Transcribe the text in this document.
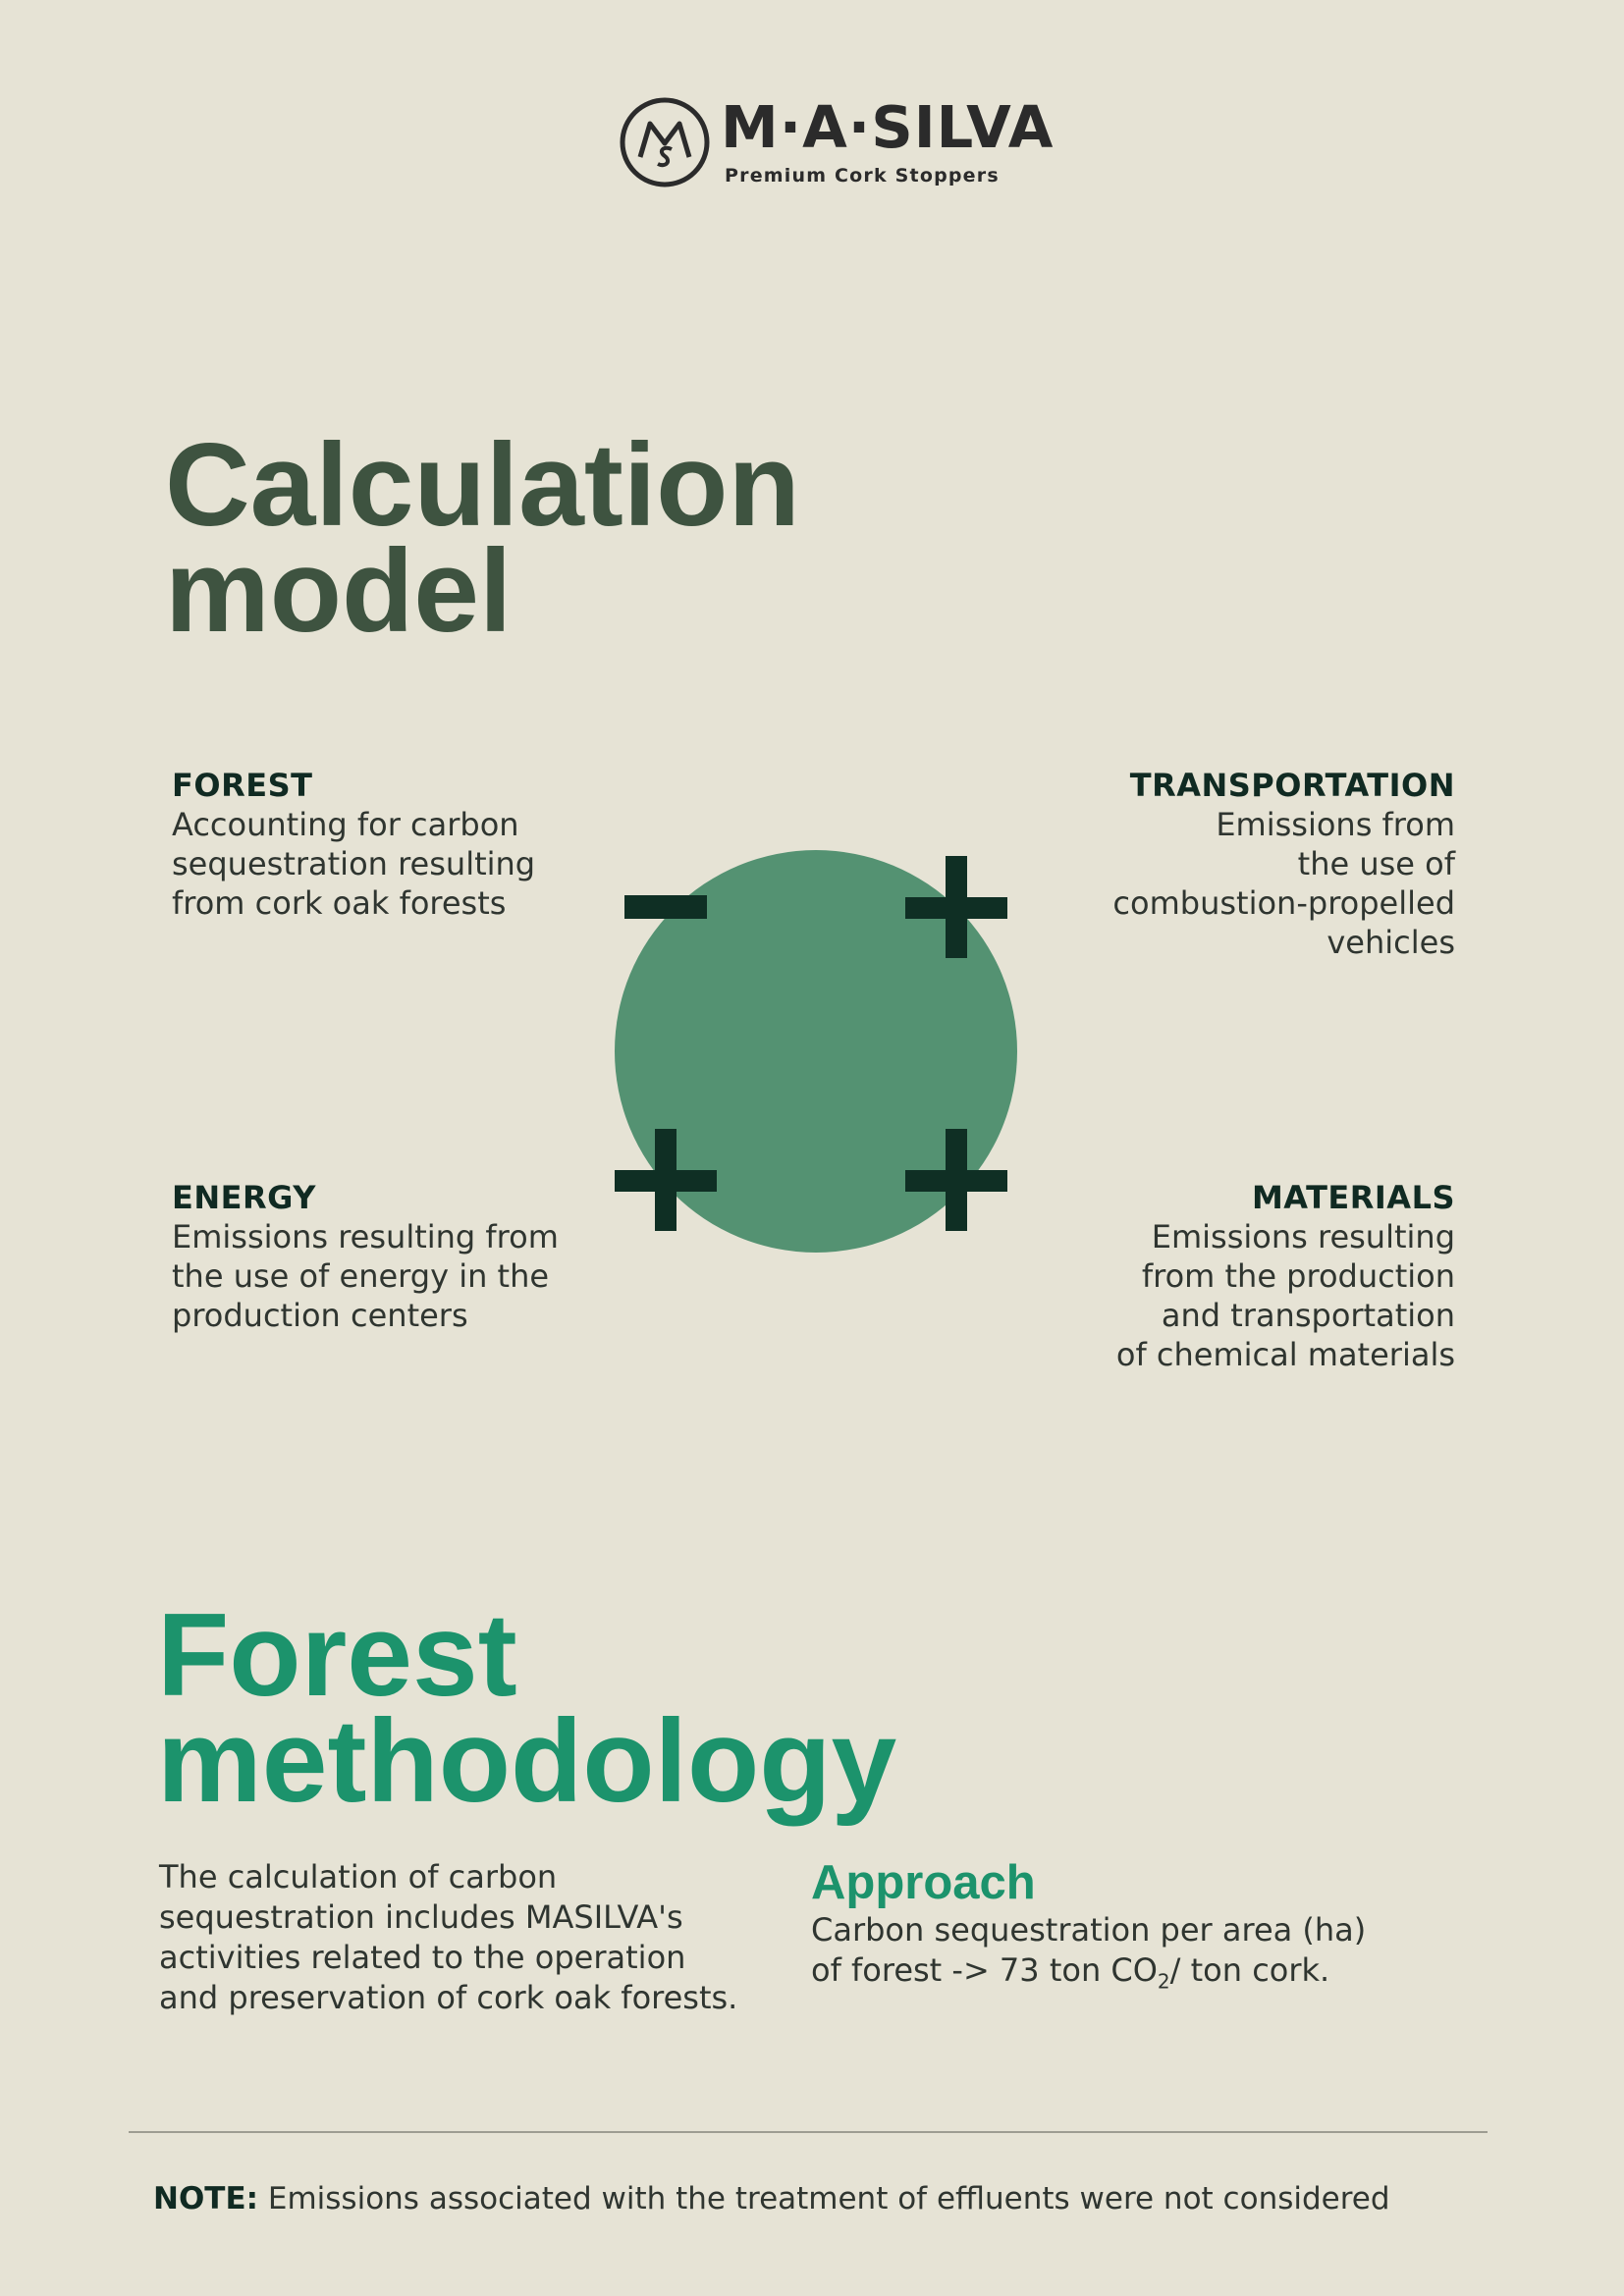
M·A·SILVA
Premium Cork Stoppers
Calculation
model
FOREST
Accounting for carbon
sequestration resulting
from cork oak forests
TRANSPORTATION
Emissions from
the use of
combustion-propelled
vehicles
ENERGY
Emissions resulting from
the use of energy in the
production centers
MATERIALS
Emissions resulting
from the production
and transportation
of chemical materials
Forest
methodology
The calculation of carbon
sequestration includes MASILVA's
activities related to the operation
and preservation of cork oak forests.
Approach
Carbon sequestration per area (ha)
of forest -> 73 ton $CO_2/$ ton cork.
NOTE: Emissions associated with the treatment of effluents were not considered
